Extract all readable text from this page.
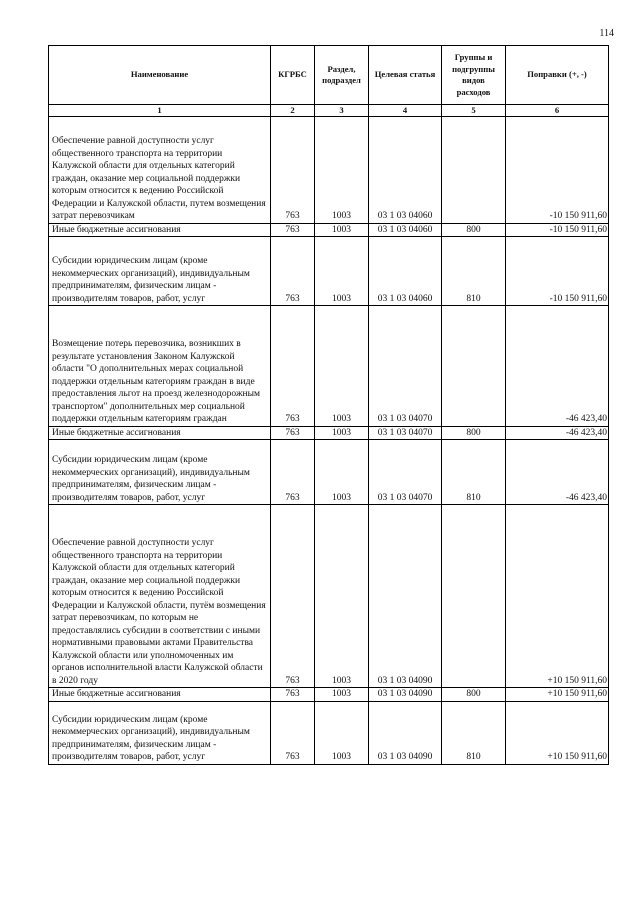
114
Наименование	КГРБС	Раздел, подраздел	Целевая статья	Группы и подгруппы видов расходов	Поправки (+, -)
1	2	3	4	5	6

Обеспечение равной доступности услуг общественного транспорта на территории Калужской области для отдельных категорий граждан, оказание мер социальной поддержки которым относится к ведению Российской Федерации и Калужской области, путем возмещения затрат перевозчикам	763	1003	03 1 03 04060		-10 150 911,60
Иные бюджетные ассигнования	763	1003	03 1 03 04060	800	-10 150 911,60

Субсидии юридическим лицам (кроме некоммерческих организаций), индивидуальным предпринимателям, физическим лицам - производителям товаров, работ, услуг	763	1003	03 1 03 04060	810	-10 150 911,60

Возмещение потерь перевозчика, возникших в результате установления Законом Калужской области "О дополнительных мерах социальной поддержки отдельным категориям граждан в виде предоставления льгот на проезд железнодорожным транспортом" дополнительных мер социальной поддержки отдельным категориям граждан	763	1003	03 1 03 04070		-46 423,40
Иные бюджетные ассигнования	763	1003	03 1 03 04070	800	-46 423,40

Субсидии юридическим лицам (кроме некоммерческих организаций), индивидуальным предпринимателям, физическим лицам - производителям товаров, работ, услуг	763	1003	03 1 03 04070	810	-46 423,40

Обеспечение равной доступности услуг общественного транспорта на территории Калужской области для отдельных категорий граждан, оказание мер социальной поддержки которым относится к ведению Российской Федерации и Калужской области, путём возмещения затрат перевозчикам, по которым не предоставлялись субсидии в соответствии с иными нормативными правовыми актами Правительства Калужской области или уполномоченных им органов исполнительной власти Калужской области в 2020 году	763	1003	03 1 03 04090		+10 150 911,60
Иные бюджетные ассигнования	763	1003	03 1 03 04090	800	+10 150 911,60

Субсидии юридическим лицам (кроме некоммерческих организаций), индивидуальным предпринимателям, физическим лицам - производителям товаров, работ, услуг	763	1003	03 1 03 04090	810	+10 150 911,60
